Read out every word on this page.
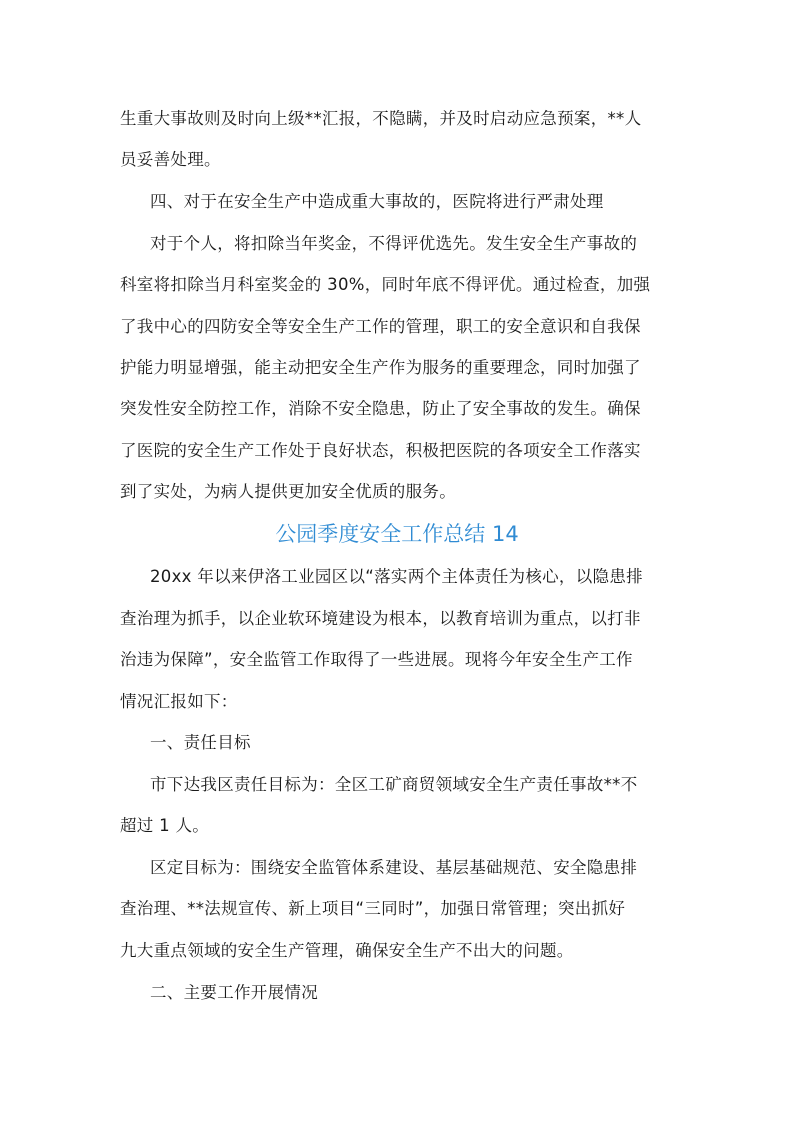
生重大事故则及时向上级**汇报，不隐瞒，并及时启动应急预案，**人
员妥善处理。
四、对于在安全生产中造成重大事故的，医院将进行严肃处理
对于个人，将扣除当年奖金，不得评优选先。发生安全生产事故的
科室将扣除当月科室奖金的 30%，同时年底不得评优。通过检查，加强
了我中心的四防安全等安全生产工作的管理，职工的安全意识和自我保
护能力明显增强，能主动把安全生产作为服务的重要理念，同时加强了
突发性安全防控工作，消除不安全隐患，防止了安全事故的发生。确保
了医院的安全生产工作处于良好状态，积极把医院的各项安全工作落实
到了实处，为病人提供更加安全优质的服务。
公园季度安全工作总结 14
20xx 年以来伊洛工业园区以“落实两个主体责任为核心，以隐患排
查治理为抓手，以企业软环境建设为根本，以教育培训为重点，以打非
治违为保障”，安全监管工作取得了一些进展。现将今年安全生产工作
情况汇报如下：
一、责任目标
市下达我区责任目标为：全区工矿商贸领域安全生产责任事故**不
超过 1 人。
区定目标为：围绕安全监管体系建设、基层基础规范、安全隐患排
查治理、**法规宣传、新上项目“三同时”，加强日常管理；突出抓好
九大重点领域的安全生产管理，确保安全生产不出大的问题。
二、主要工作开展情况
